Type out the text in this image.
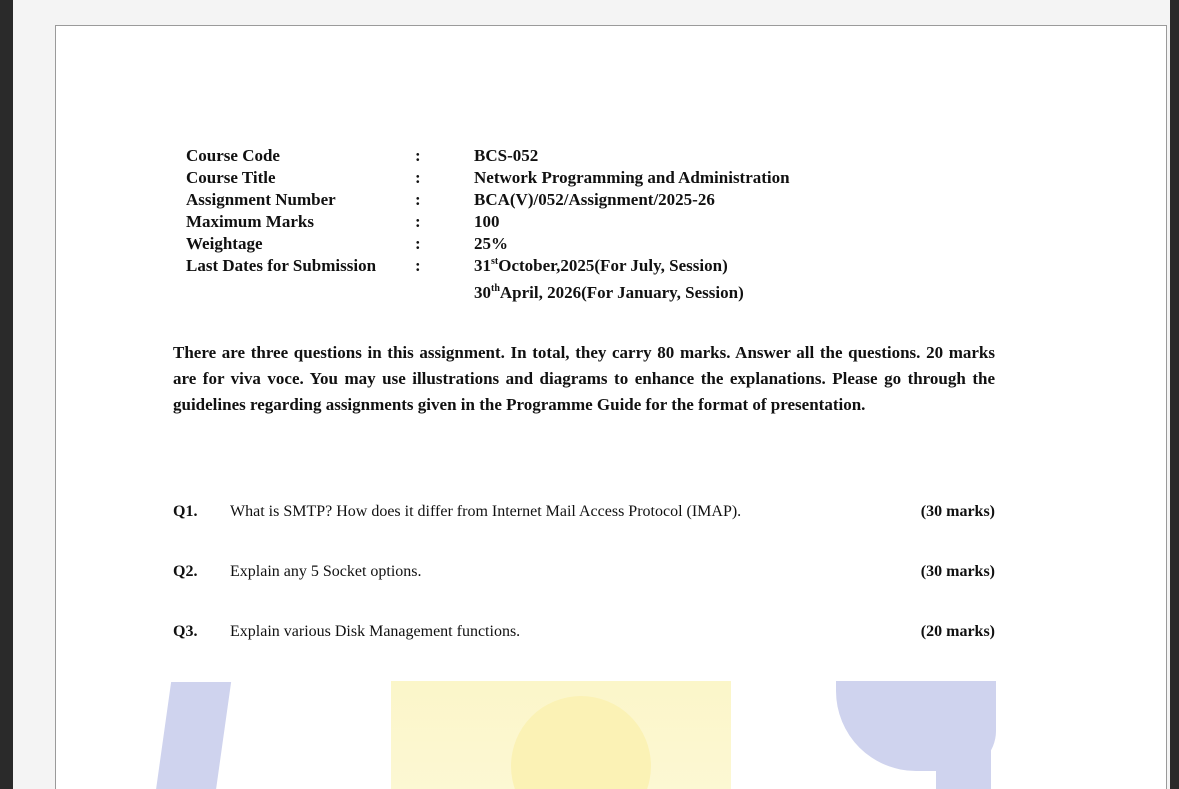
Course Code	:	BCS-052
Course Title	:	Network Programming and Administration
Assignment Number	:	BCA(V)/052/Assignment/2025-26
Maximum Marks	:	100
Weightage	:	25%
Last Dates for Submission :	31stOctober,2025(For July, Session)
30thApril, 2026(For January, Session)
There are three questions in this assignment. In total, they carry 80 marks. Answer all the questions. 20 marks are for viva voce. You may use illustrations and diagrams to enhance the explanations. Please go through the guidelines regarding assignments given in the Programme Guide for the format of presentation.
Q1. What is SMTP? How does it differ from Internet Mail Access Protocol (IMAP).	(30 marks)
Q2. Explain any 5 Socket options.	(30 marks)
Q3. Explain various Disk Management functions.	(20 marks)
